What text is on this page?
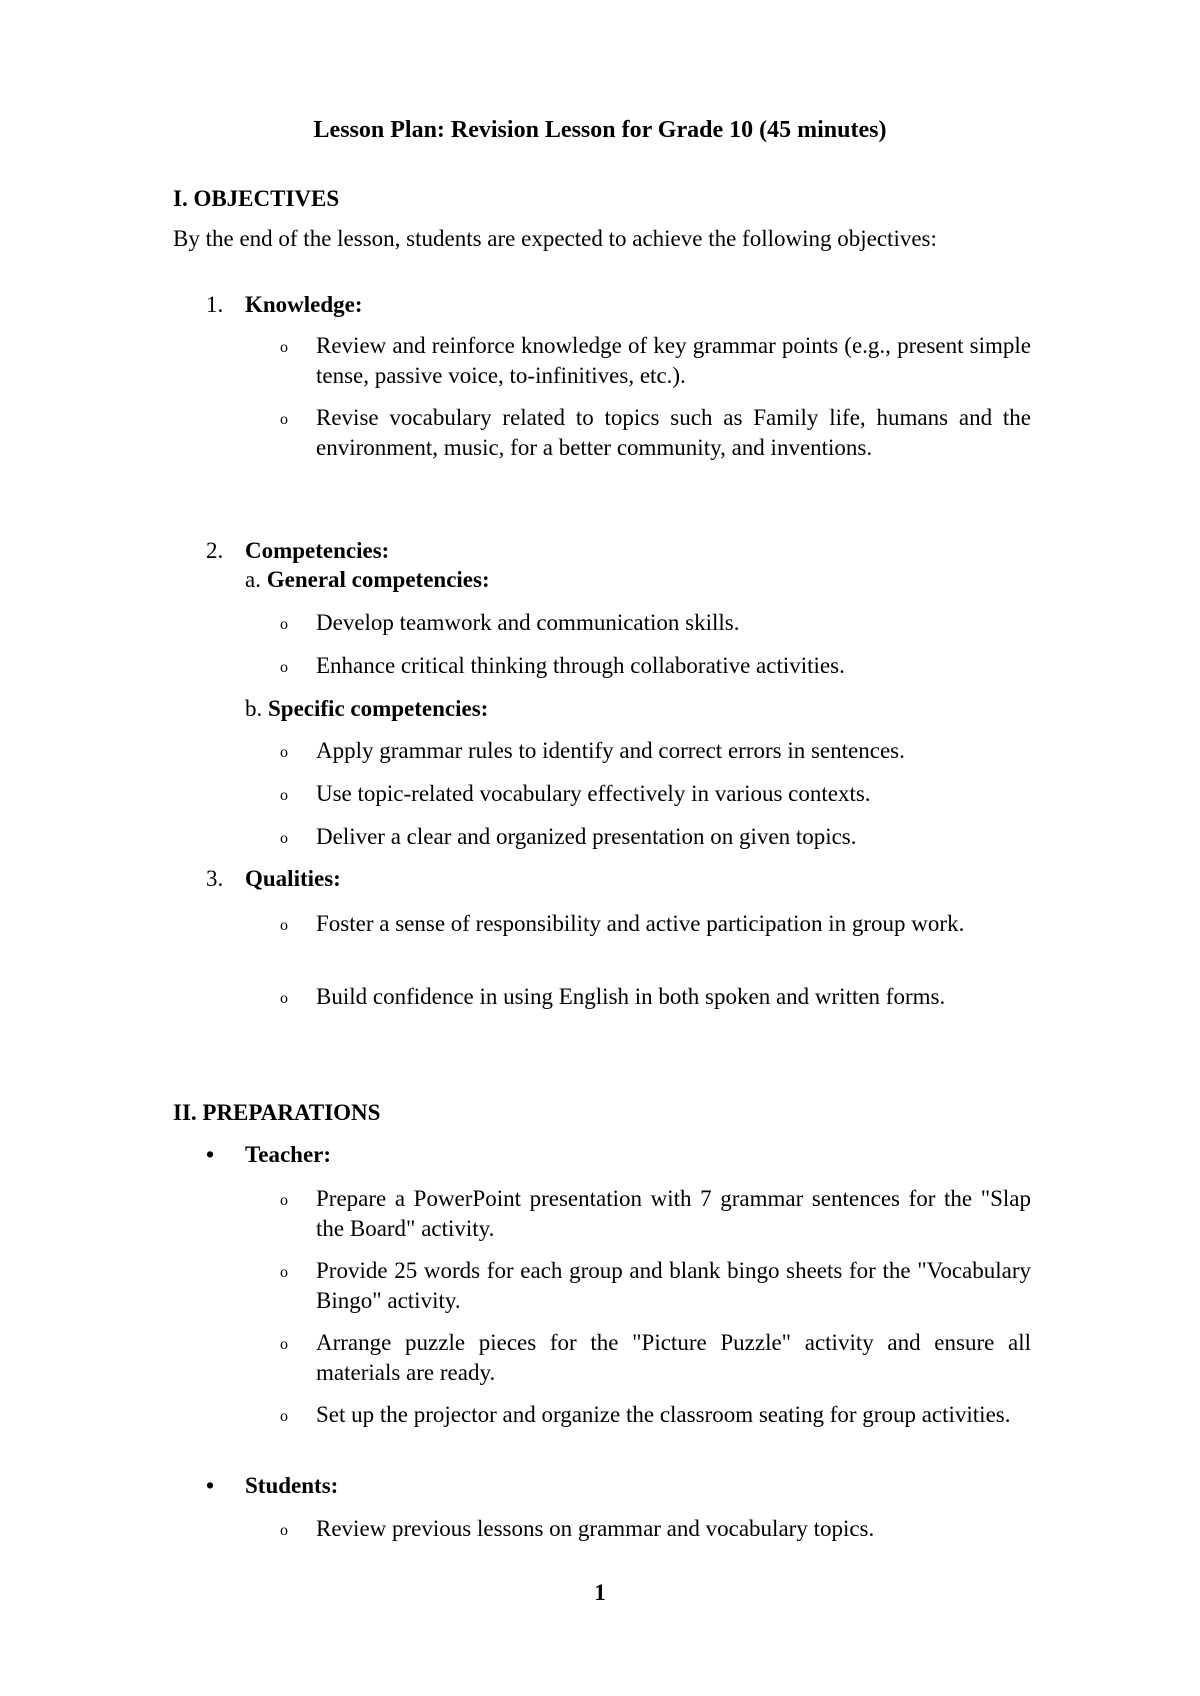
Lesson Plan: Revision Lesson for Grade 10 (45 minutes)
I. OBJECTIVES
By the end of the lesson, students are expected to achieve the following objectives:
1. Knowledge:
o	Review and reinforce knowledge of key grammar points (e.g., present simple tense, passive voice, to-infinitives, etc.).
o	Revise vocabulary related to topics such as Family life, humans and the environment, music, for a better community, and inventions.
2. Competencies:
a. General competencies:
o	Develop teamwork and communication skills.
o	Enhance critical thinking through collaborative activities.
b. Specific competencies:
o	Apply grammar rules to identify and correct errors in sentences.
o	Use topic-related vocabulary effectively in various contexts.
o	Deliver a clear and organized presentation on given topics.
3. Qualities:
o	Foster a sense of responsibility and active participation in group work.
o	Build confidence in using English in both spoken and written forms.
II. PREPARATIONS
• Teacher:
o	Prepare a PowerPoint presentation with 7 grammar sentences for the "Slap the Board" activity.
o	Provide 25 words for each group and blank bingo sheets for the "Vocabulary Bingo" activity.
o	Arrange puzzle pieces for the "Picture Puzzle" activity and ensure all materials are ready.
o	Set up the projector and organize the classroom seating for group activities.
• Students:
o	Review previous lessons on grammar and vocabulary topics.
1
